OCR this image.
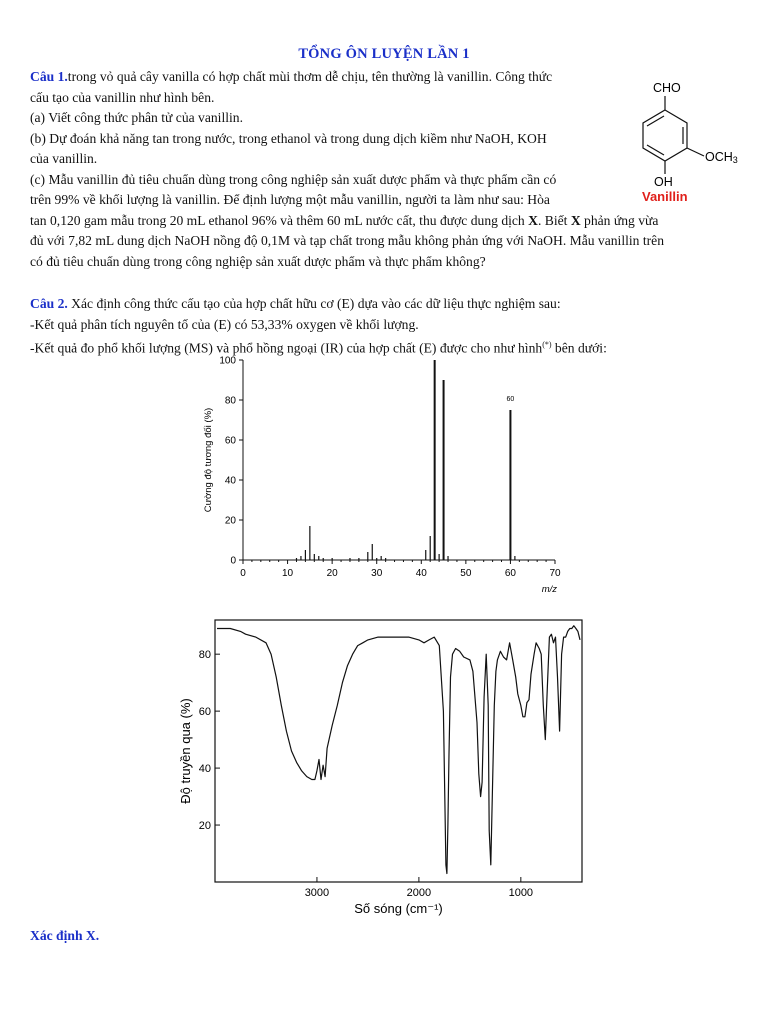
TỔNG ÔN LUYỆN LẦN 1
Câu 1.trong vỏ quả cây vanilla có hợp chất mùi thơm dễ chịu, tên thường là vanillin. Công thức
cấu tạo của vanillin như hình bên.
(a) Viết công thức phân tử của vanillin.
(b) Dự đoán khả năng tan trong nước, trong ethanol và trong dung dịch kiềm như NaOH, KOH
của vanillin.
(c) Mẫu vanillin đủ tiêu chuẩn dùng trong công nghiệp sản xuất dược phẩm và thực phẩm cần có
trên 99% về khối lượng là vanillin. Để định lượng một mẫu vanillin, người ta làm như sau: Hòa
tan 0,120 gam mẫu trong 20 mL ethanol 96% và thêm 60 mL nước cất, thu được dung dịch X. Biết X phản ứng vừa
đủ với 7,82 mL dung dịch NaOH nồng độ 0,1M và tạp chất trong mẫu không phản ứng với NaOH. Mẫu vanillin trên
có đủ tiêu chuẩn dùng trong công nghiệp sản xuất dược phẩm và thực phẩm không?
CHO
OCH3
OH
Vanillin
Câu 2. Xác định công thức cấu tạo của hợp chất hữu cơ (E) dựa vào các dữ liệu thực nghiệm sau:
-Kết quả phân tích nguyên tố của (E) có 53,33% oxygen về khối lượng.
-Kết quả đo phổ khối lượng (MS) và phổ hồng ngoại (IR) của hợp chất (E) được cho như hình(*) bên dưới:
0
20
40
60
80
100
0	10	20	30	40	50	60	70
60
m/z
Cường độ tương đối (%)
20
40
60
80
3000	2000	1000
Số sóng (cm⁻¹)
Độ truyền qua (%)
Xác định X.
